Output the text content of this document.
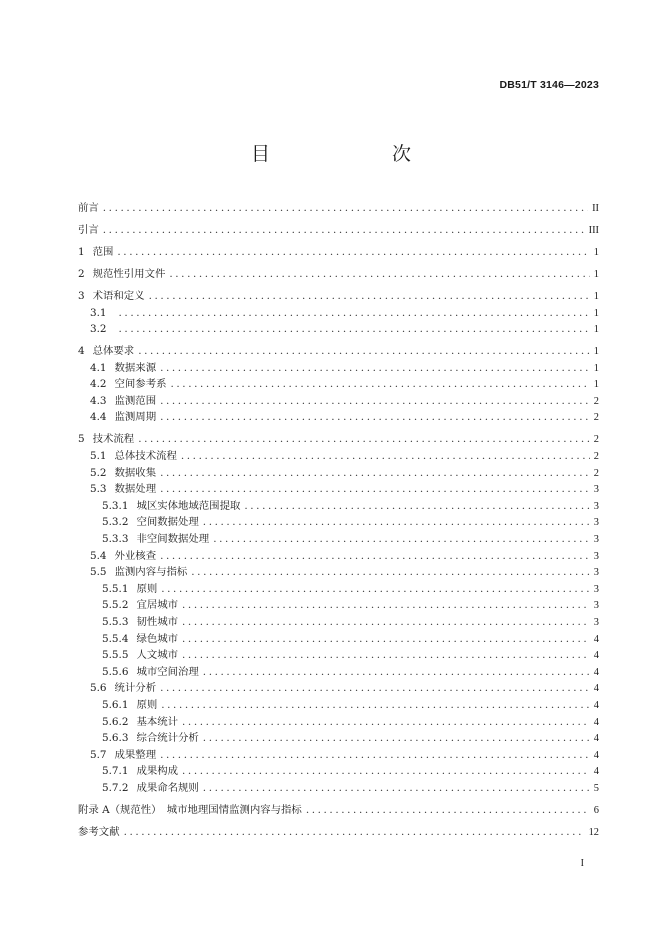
DB51/T 3146—2023
目　　次
前言 .....	II
引言 .....	III
1 范围 .....	1
2 规范性引用文件 .....	1
3 术语和定义 .....	1
3.1 .....	1
3.2 .....	1
4 总体要求 .....	1
4.1 数据来源 .....	1
4.2 空间参考系 .....	1
4.3 监测范围 .....	2
4.4 监测周期 .....	2
5 技术流程 .....	2
5.1 总体技术流程 .....	2
5.2 数据收集 .....	2
5.3 数据处理 .....	3
5.3.1 城区实体地域范围提取 .....	3
5.3.2 空间数据处理 .....	3
5.3.3 非空间数据处理 .....	3
5.4 外业核查 .....	3
5.5 监测内容与指标 .....	3
5.5.1 原则 .....	3
5.5.2 宜居城市 .....	3
5.5.3 韧性城市 .....	3
5.5.4 绿色城市 .....	4
5.5.5 人文城市 .....	4
5.5.6 城市空间治理 .....	4
5.6 统计分析 .....	4
5.6.1 原则 .....	4
5.6.2 基本统计 .....	4
5.6.3 综合统计分析 .....	4
5.7 成果整理 .....	4
5.7.1 成果构成 .....	4
5.7.2 成果命名规则 .....	5
附录 A（规范性）　城市地理国情监测内容与指标 .....	6
参考文献 .....	12
I
